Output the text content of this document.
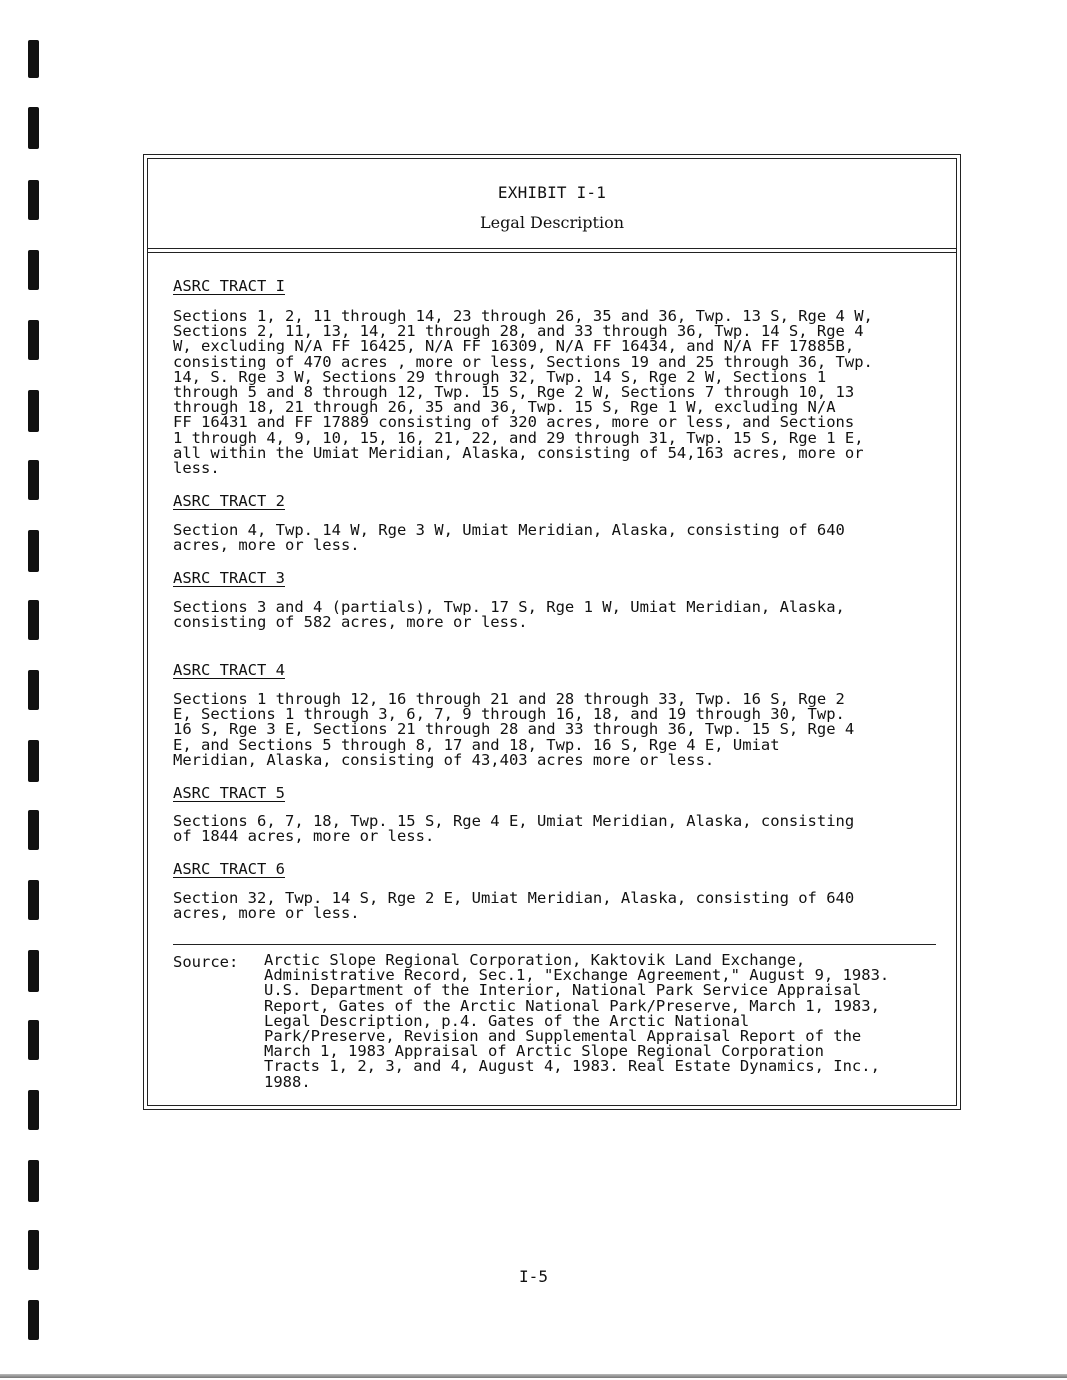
EXHIBIT I-1
Legal Description
ASRC TRACT I
Sections 1, 2, 11 through 14, 23 through 26, 35 and 36, Twp. 13 S, Rge 4 W,
Sections 2, 11, 13, 14, 21 through 28, and 33 through 36, Twp. 14 S, Rge 4
W, excluding N/A FF 16425, N/A FF 16309, N/A FF 16434, and N/A FF 17885B,
consisting of 470 acres , more or less, Sections 19 and 25 through 36, Twp.
14, S. Rge 3 W, Sections 29 through 32, Twp. 14 S, Rge 2 W, Sections 1
through 5 and 8 through 12, Twp. 15 S, Rge 2 W, Sections 7 through 10, 13
through 18, 21 through 26, 35 and 36, Twp. 15 S, Rge 1 W, excluding N/A
FF 16431 and FF 17889 consisting of 320 acres, more or less, and Sections
1 through 4, 9, 10, 15, 16, 21, 22, and 29 through 31, Twp. 15 S, Rge 1 E,
all within the Umiat Meridian, Alaska, consisting of 54,163 acres, more or
less.
ASRC TRACT 2
Section 4, Twp. 14 W, Rge 3 W, Umiat Meridian, Alaska, consisting of 640
acres, more or less.
ASRC TRACT 3
Sections 3 and 4 (partials), Twp. 17 S, Rge 1 W, Umiat Meridian, Alaska,
consisting of 582 acres, more or less.
ASRC TRACT 4
Sections 1 through 12, 16 through 21 and 28 through 33, Twp. 16 S, Rge 2
E, Sections 1 through 3, 6, 7, 9 through 16, 18, and 19 through 30, Twp.
16 S, Rge 3 E, Sections 21 through 28 and 33 through 36, Twp. 15 S, Rge 4
E, and Sections 5 through 8, 17 and 18, Twp. 16 S, Rge 4 E, Umiat
Meridian, Alaska, consisting of 43,403 acres more or less.
ASRC TRACT 5
Sections 6, 7, 18, Twp. 15 S, Rge 4 E, Umiat Meridian, Alaska, consisting
of 1844 acres, more or less.
ASRC TRACT 6
Section 32, Twp. 14 S, Rge 2 E, Umiat Meridian, Alaska, consisting of 640
acres, more or less.
Source: Arctic Slope Regional Corporation, Kaktovik Land Exchange,
Administrative Record, Sec.1, "Exchange Agreement," August 9, 1983.
U.S. Department of the Interior, National Park Service Appraisal
Report, Gates of the Arctic National Park/Preserve, March 1, 1983,
Legal Description, p.4. Gates of the Arctic National
Park/Preserve, Revision and Supplemental Appraisal Report of the
March 1, 1983 Appraisal of Arctic Slope Regional Corporation
Tracts 1, 2, 3, and 4, August 4, 1983. Real Estate Dynamics, Inc.,
1988.
I-5
